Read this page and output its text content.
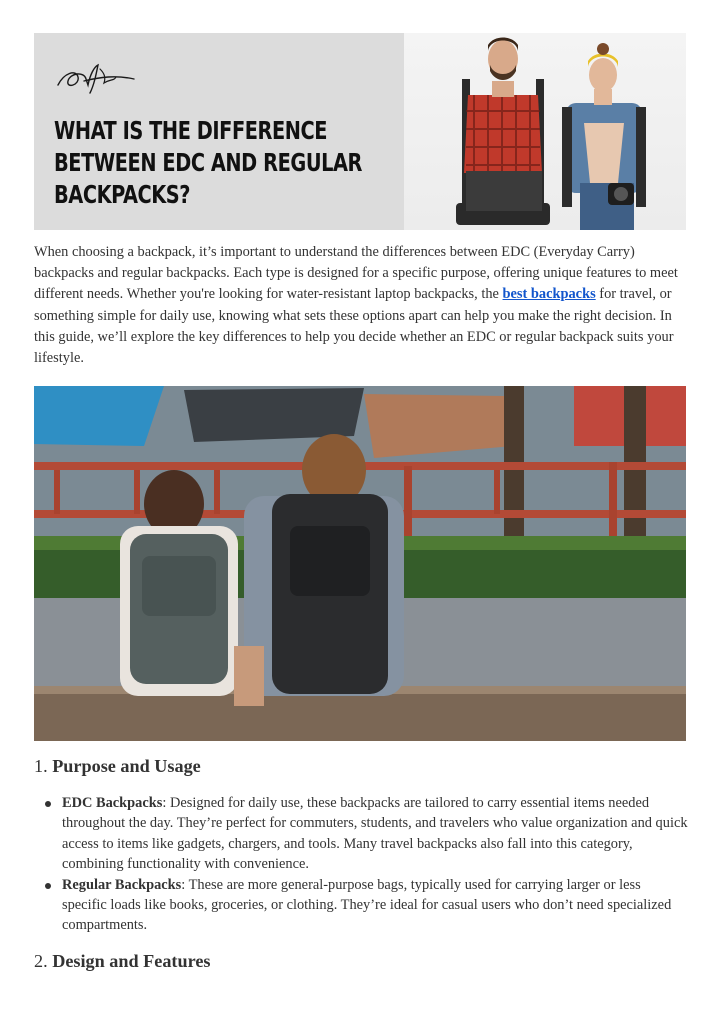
WHAT IS THE DIFFERENCE
BETWEEN EDC AND REGULAR
BACKPACKS?

When choosing a backpack, it’s important to understand the differences between EDC (Everyday Carry) backpacks and regular backpacks. Each type is designed for a specific purpose, offering unique features to meet different needs. Whether you're looking for water-resistant laptop backpacks, the best backpacks for travel, or something simple for daily use, knowing what sets these options apart can help you make the right decision. In this guide, we’ll explore the key differences to help you decide whether an EDC or regular backpack suits your lifestyle.

1. Purpose and Usage
EDC Backpacks: Designed for daily use, these backpacks are tailored to carry essential items needed throughout the day. They’re perfect for commuters, students, and travelers who value organization and quick access to items like gadgets, chargers, and tools. Many travel backpacks also fall into this category, combining functionality with convenience.
Regular Backpacks: These are more general-purpose bags, typically used for carrying larger or less specific loads like books, groceries, or clothing. They’re ideal for casual users who don’t need specialized compartments.
2. Design and Features
